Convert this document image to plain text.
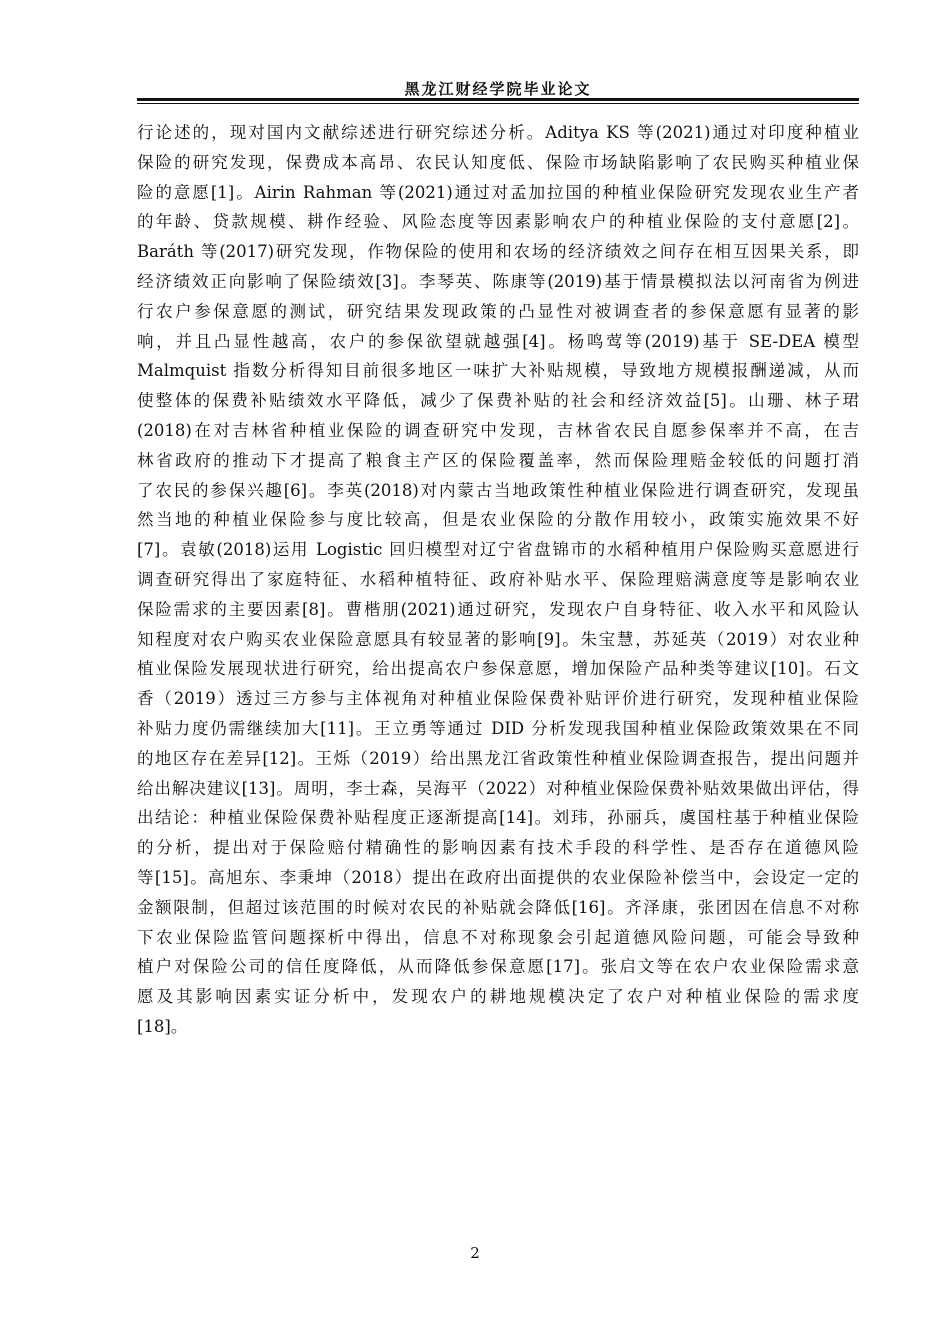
黑龙江财经学院毕业论文
行论述的，现对国内文献综述进行研究综述分析。Aditya KS 等(2021)通过对印度种植业
保险的研究发现，保费成本高昂、农民认知度低、保险市场缺陷影响了农民购买种植业保
险的意愿[1]。Airin Rahman 等(2021)通过对孟加拉国的种植业保险研究发现农业生产者
的年龄、贷款规模、耕作经验、风险态度等因素影响农户的种植业保险的支付意愿[2]。
Baráth 等(2017)研究发现，作物保险的使用和农场的经济绩效之间存在相互因果关系，即
经济绩效正向影响了保险绩效[3]。李琴英、陈康等(2019)基于情景模拟法以河南省为例进
行农户参保意愿的测试，研究结果发现政策的凸显性对被调查者的参保意愿有显著的影
响，并且凸显性越高，农户的参保欲望就越强[4]。杨鸣莺等(2019)基于 SE-DEA 模型
Malmquist 指数分析得知目前很多地区一味扩大补贴规模，导致地方规模报酬递减，从而
使整体的保费补贴绩效水平降低，减少了保费补贴的社会和经济效益[5]。山珊、林子珺
(2018)在对吉林省种植业保险的调查研究中发现，吉林省农民自愿参保率并不高，在吉
林省政府的推动下才提高了粮食主产区的保险覆盖率，然而保险理赔金较低的问题打消
了农民的参保兴趣[6]。李英(2018)对内蒙古当地政策性种植业保险进行调查研究，发现虽
然当地的种植业保险参与度比较高，但是农业保险的分散作用较小，政策实施效果不好
[7]。袁敏(2018)运用 Logistic 回归模型对辽宁省盘锦市的水稻种植用户保险购买意愿进行
调查研究得出了家庭特征、水稻种植特征、政府补贴水平、保险理赔满意度等是影响农业
保险需求的主要因素[8]。曹楷朋(2021)通过研究，发现农户自身特征、收入水平和风险认
知程度对农户购买农业保险意愿具有较显著的影响[9]。朱宝慧，苏延英（2019）对农业种
植业保险发展现状进行研究，给出提高农户参保意愿，增加保险产品种类等建议[10]。石文
香（2019）透过三方参与主体视角对种植业保险保费补贴评价进行研究，发现种植业保险
补贴力度仍需继续加大[11]。王立勇等通过 DID 分析发现我国种植业保险政策效果在不同
的地区存在差异[12]。王烁（2019）给出黑龙江省政策性种植业保险调查报告，提出问题并
给出解决建议[13]。周明，李士森，吴海平（2022）对种植业保险保费补贴效果做出评估，得
出结论：种植业保险保费补贴程度正逐渐提高[14]。刘玮，孙丽兵，虞国柱基于种植业保险
的分析，提出对于保险赔付精确性的影响因素有技术手段的科学性、是否存在道德风险
等[15]。高旭东、李秉坤（2018）提出在政府出面提供的农业保险补偿当中，会设定一定的
金额限制，但超过该范围的时候对农民的补贴就会降低[16]。齐泽康，张团因在信息不对称
下农业保险监管问题探析中得出，信息不对称现象会引起道德风险问题，可能会导致种
植户对保险公司的信任度降低，从而降低参保意愿[17]。张启文等在农户农业保险需求意
愿及其影响因素实证分析中，发现农户的耕地规模决定了农户对种植业保险的需求度
[18]。
2
